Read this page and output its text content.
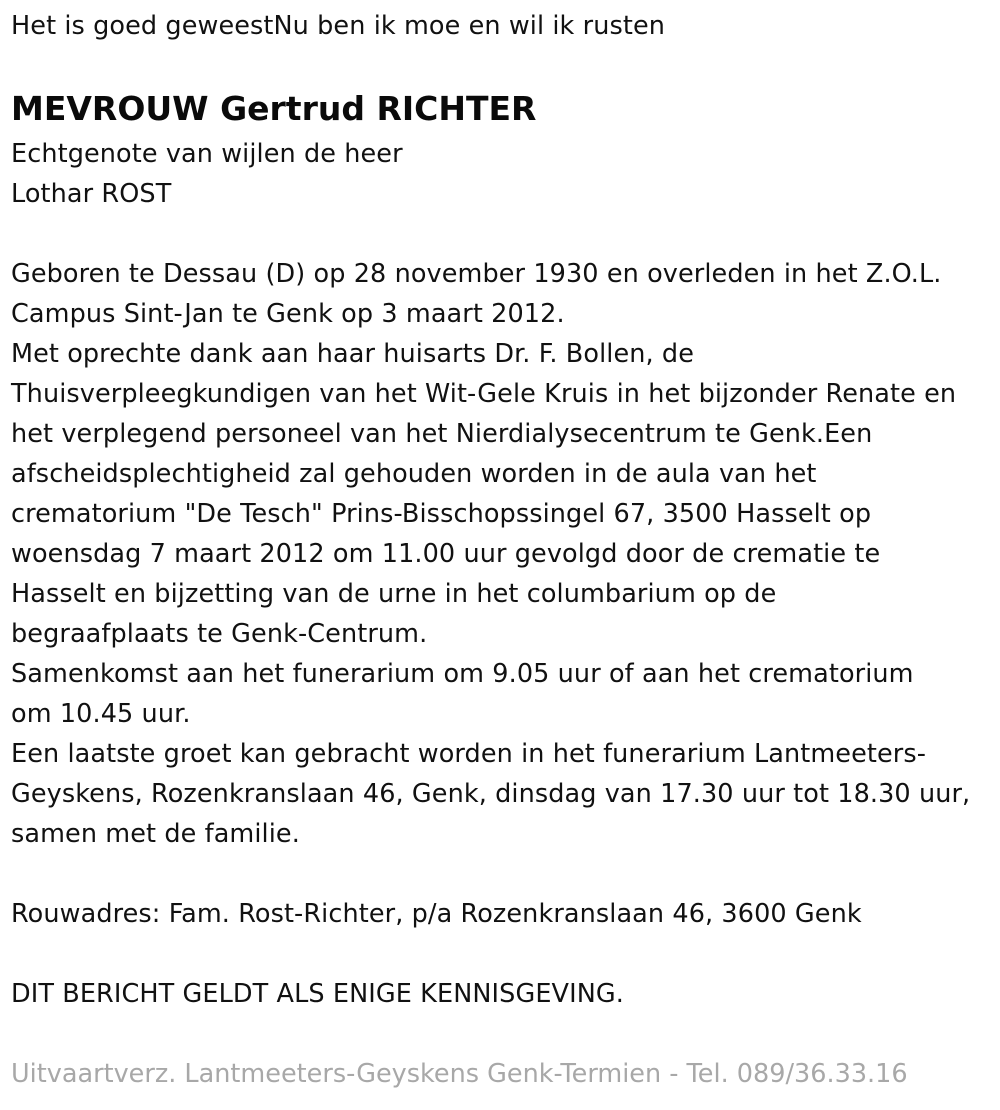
Het is goed geweestNu ben ik moe en wil ik rusten
MEVROUW Gertrud RICHTER
Echtgenote van wijlen de heer
Lothar ROST
Geboren te Dessau (D) op 28 november 1930 en overleden in het Z.O.L.
Campus Sint-Jan te Genk op 3 maart 2012.
Met oprechte dank aan haar huisarts Dr. F. Bollen, de
Thuisverpleegkundigen van het Wit-Gele Kruis in het bijzonder Renate en
het verplegend personeel van het Nierdialysecentrum te Genk.Een
afscheidsplechtigheid zal gehouden worden in de aula van het
crematorium "De Tesch" Prins-Bisschopssingel 67, 3500 Hasselt op
woensdag 7 maart 2012 om 11.00 uur gevolgd door de crematie te
Hasselt en bijzetting van de urne in het columbarium op de
begraafplaats te Genk-Centrum.
Samenkomst aan het funerarium om 9.05 uur of aan het crematorium
om 10.45 uur.
Een laatste groet kan gebracht worden in het funerarium Lantmeeters-
Geyskens, Rozenkranslaan 46, Genk, dinsdag van 17.30 uur tot 18.30 uur,
samen met de familie.
Rouwadres: Fam. Rost-Richter, p/a Rozenkranslaan 46, 3600 Genk
DIT BERICHT GELDT ALS ENIGE KENNISGEVING.
Uitvaartverz. Lantmeeters-Geyskens Genk-Termien - Tel. 089/36.33.16
